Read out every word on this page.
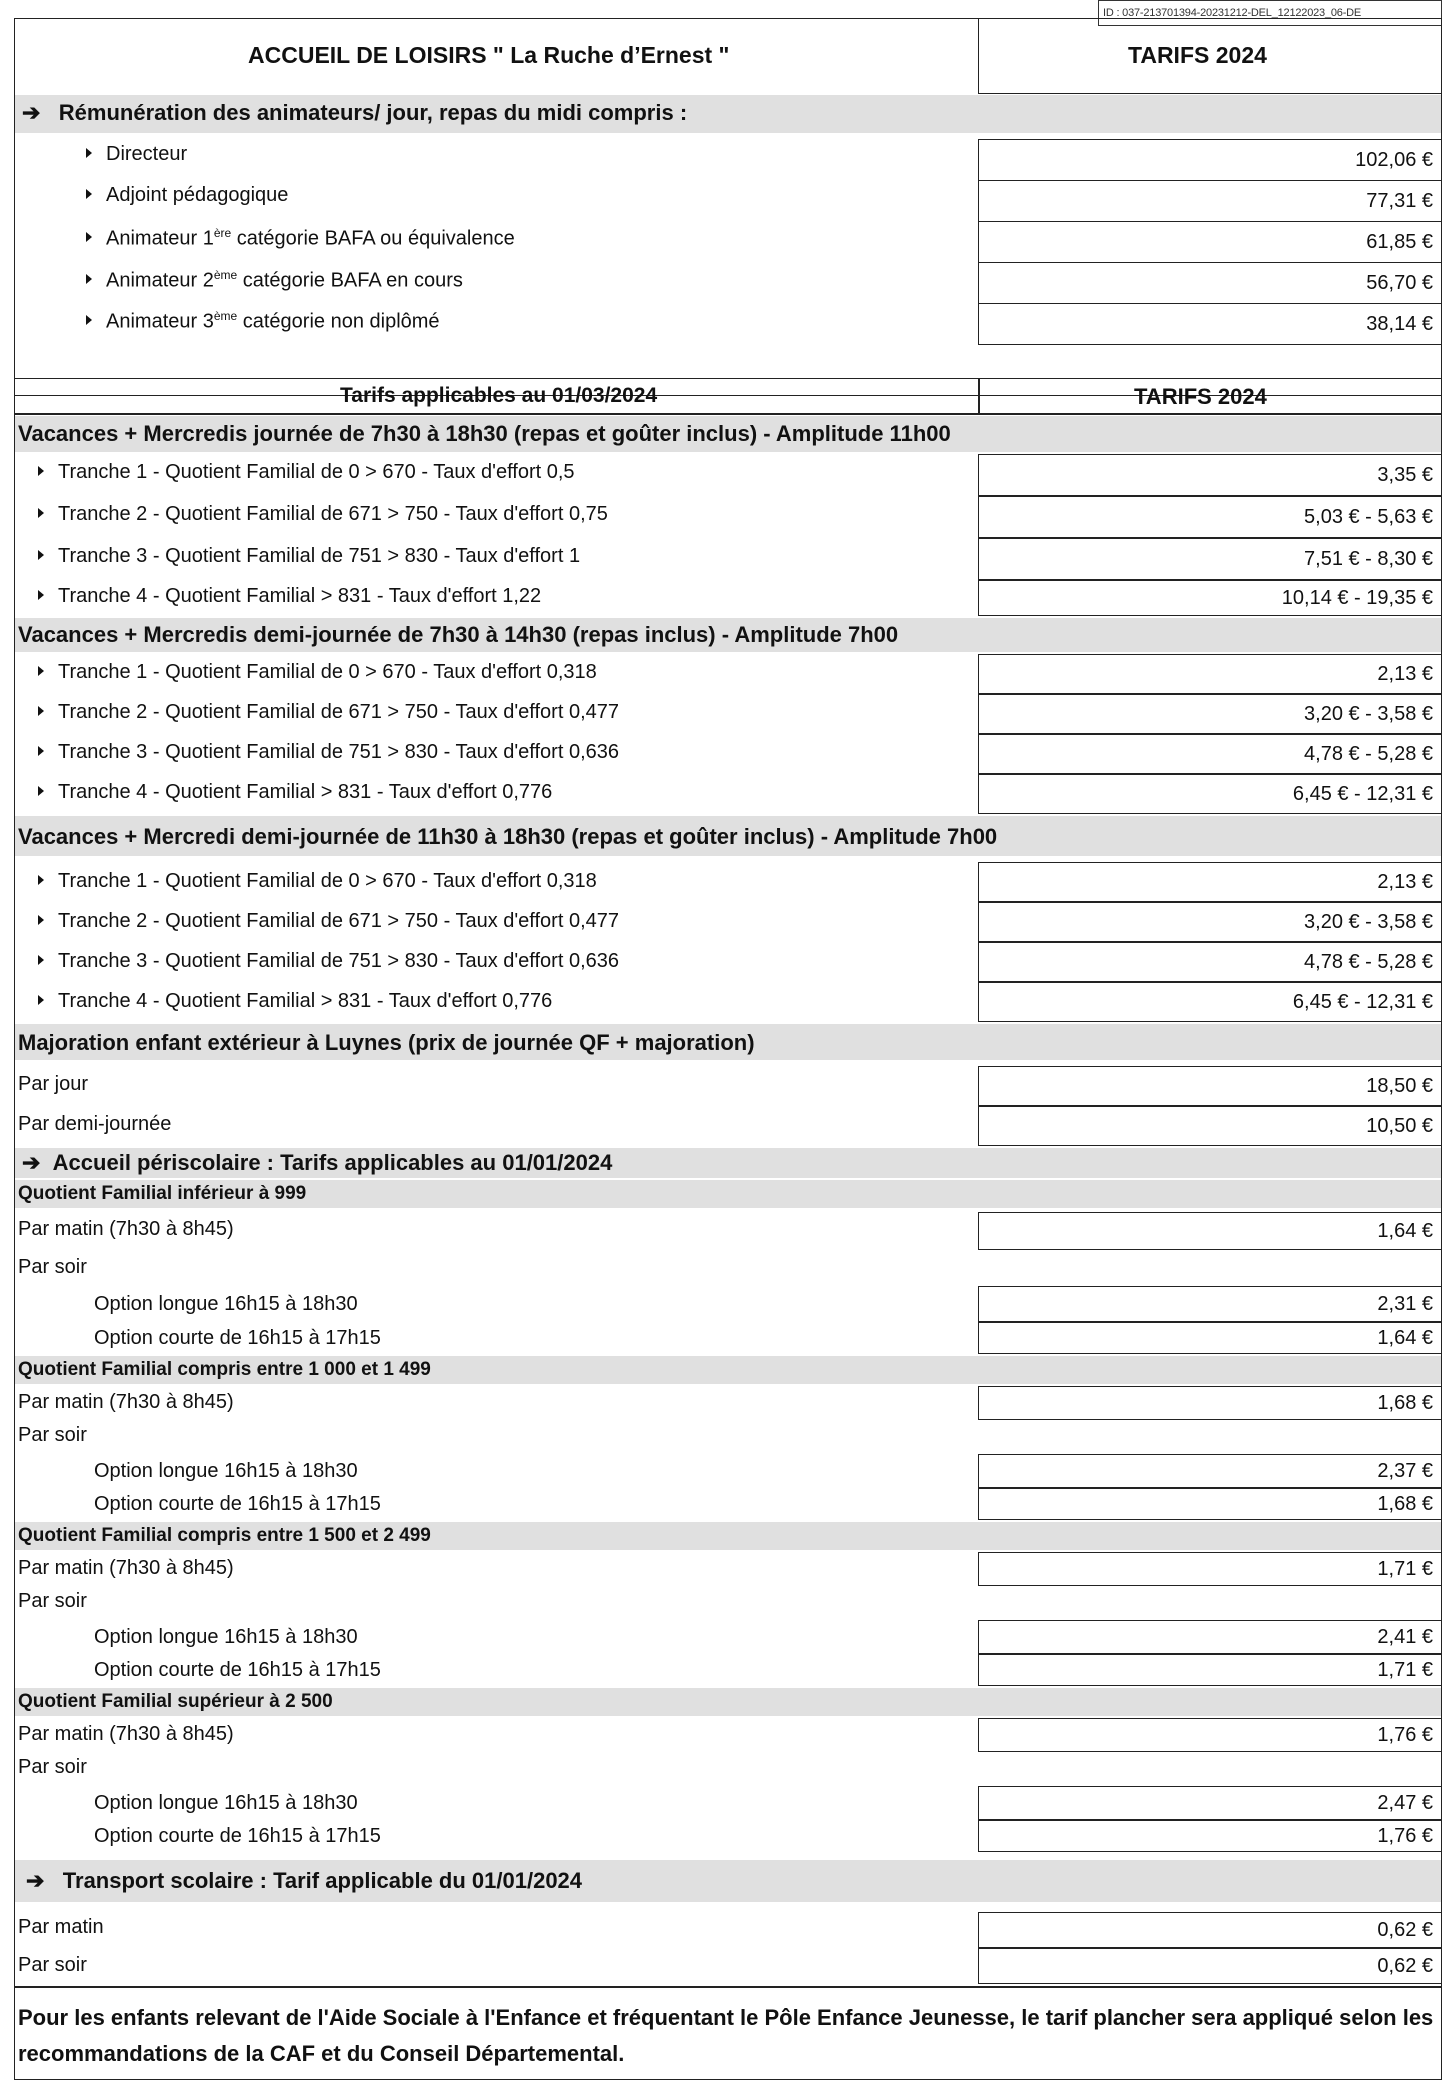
ID : 037-213701394-20231212-DEL_12122023_06-DE
ACCUEIL DE LOISIRS " La Ruche d’Ernest "	TARIFS 2024
➔ Rémunération des animateurs/ jour, repas du midi compris :
Directeur	102,06 €
Adjoint pédagogique	77,31 €
Animateur 1ère catégorie BAFA ou équivalence	61,85 €
Animateur 2ème catégorie BAFA en cours	56,70 €
Animateur 3ème catégorie non diplômé	38,14 €
Tarifs applicables au 01/03/2024	TARIFS 2024
Vacances + Mercredis journée de 7h30 à 18h30 (repas et goûter inclus) - Amplitude 11h00
Tranche 1 - Quotient Familial de 0 > 670 - Taux d'effort 0,5	3,35 €
Tranche 2 - Quotient Familial de 671 > 750 - Taux d'effort 0,75	5,03 € - 5,63 €
Tranche 3 - Quotient Familial de 751 > 830 - Taux d'effort 1	7,51 € - 8,30 €
Tranche 4 - Quotient Familial > 831 - Taux d'effort 1,22	10,14 € - 19,35 €
Vacances + Mercredis demi-journée de 7h30 à 14h30 (repas inclus) - Amplitude 7h00
Tranche 1 - Quotient Familial de 0 > 670 - Taux d'effort 0,318	2,13 €
Tranche 2 - Quotient Familial de 671 > 750 - Taux d'effort 0,477	3,20 € - 3,58 €
Tranche 3 - Quotient Familial de 751 > 830 - Taux d'effort 0,636	4,78 € - 5,28 €
Tranche 4 - Quotient Familial > 831 - Taux d'effort 0,776	6,45 € - 12,31 €
Vacances + Mercredi demi-journée de 11h30 à 18h30 (repas et goûter inclus) - Amplitude 7h00
Tranche 1 - Quotient Familial de 0 > 670 - Taux d'effort 0,318	2,13 €
Tranche 2 - Quotient Familial de 671 > 750 - Taux d'effort 0,477	3,20 € - 3,58 €
Tranche 3 - Quotient Familial de 751 > 830 - Taux d'effort 0,636	4,78 € - 5,28 €
Tranche 4 - Quotient Familial > 831 - Taux d'effort 0,776	6,45 € - 12,31 €
Majoration enfant extérieur à Luynes (prix de journée QF + majoration)
Par jour	18,50 €
Par demi-journée	10,50 €
➔ Accueil périscolaire : Tarifs applicables au 01/01/2024
Quotient Familial inférieur à 999
Par matin (7h30 à 8h45)	1,64 €
Par soir
Option longue 16h15 à 18h30	2,31 €
Option courte de 16h15 à 17h15	1,64 €
Quotient Familial compris entre 1 000 et 1 499
Par matin (7h30 à 8h45)	1,68 €
Par soir
Option longue 16h15 à 18h30	2,37 €
Option courte de 16h15 à 17h15	1,68 €
Quotient Familial compris entre 1 500 et 2 499
Par matin (7h30 à 8h45)	1,71 €
Par soir
Option longue 16h15 à 18h30	2,41 €
Option courte de 16h15 à 17h15	1,71 €
Quotient Familial supérieur à 2 500
Par matin (7h30 à 8h45)	1,76 €
Par soir
Option longue 16h15 à 18h30	2,47 €
Option courte de 16h15 à 17h15	1,76 €
➔ Transport scolaire : Tarif applicable du 01/01/2024
Par matin	0,62 €
Par soir	0,62 €
Pour les enfants relevant de l'Aide Sociale à l'Enfance et fréquentant le Pôle Enfance Jeunesse, le tarif plancher sera appliqué selon les recommandations de la CAF et du Conseil Départemental.
